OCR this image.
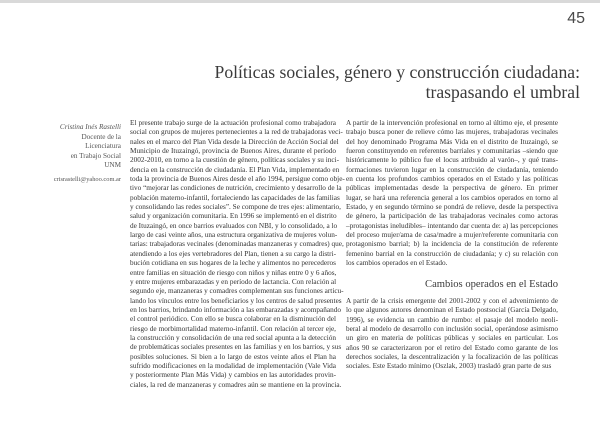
45
Políticas sociales, género y construcción ciudadana:
traspasando el umbral
Cristina Inés Rastelli
Docente de la
Licenciatura
en Trabajo Social
UNM
crisrastelli@yahoo.com.ar
El presente trabajo surge de la actuación profesional como trabajadora
social con grupos de mujeres pertenecientes a la red de trabajadoras veci-
nales en el marco del Plan Vida desde la Dirección de Acción Social del
Municipio de Ituzaingó, provincia de Buenos Aires, durante el período
2002-2010, en torno a la cuestión de género, políticas sociales y su inci-
dencia en la construcción de ciudadanía. El Plan Vida, implementado en
toda la provincia de Buenos Aires desde el año 1994, persigue como obje-
tivo “mejorar las condiciones de nutrición, crecimiento y desarrollo de la
población materno-infantil, fortaleciendo las capacidades de las familias
y consolidando las redes sociales”. Se compone de tres ejes: alimentario,
salud y organización comunitaria. En 1996 se implementó en el distrito
de Ituzaingó, en once barrios evaluados con NBI, y lo consolidado, a lo
largo de casi veinte años, una estructura organizativa de mujeres volun-
tarias: trabajadoras vecinales (denominadas manzaneras y comadres) que,
atendiendo a los ejes vertebradores del Plan, tienen a su cargo la distri-
bución cotidiana en sus hogares de la leche y alimentos no perecederos
entre familias en situación de riesgo con niños y niñas entre 0 y 6 años,
y entre mujeres embarazadas y en período de lactancia. Con relación al
segundo eje, manzaneras y comadres complementan sus funciones articu-
lando los vínculos entre los beneficiarios y los centros de salud presentes
en los barrios, brindando información a las embarazadas y acompañando
el control periódico. Con ello se busca colaborar en la disminución del
riesgo de morbimortalidad materno-infantil. Con relación al tercer eje,
la construcción y consolidación de una red social apunta a la detección
de problemáticas sociales presentes en las familias y en los barrios, y sus
posibles soluciones. Si bien a lo largo de estos veinte años el Plan ha
sufrido modificaciones en la modalidad de implementación (Vale Vida
y posteriormente Plan Más Vida) y cambios en las autoridades provin-
ciales, la red de manzaneras y comadres aún se mantiene en la provincia.
A partir de la intervención profesional en torno al último eje, el presente
trabajo busca poner de relieve cómo las mujeres, trabajadoras vecinales
del hoy denominado Programa Más Vida en el distrito de Ituzaingó, se
fueron constituyendo en referentes barriales y comunitarias –siendo que
históricamente lo público fue el locus atribuido al varón–, y qué trans-
formaciones tuvieron lugar en la construcción de ciudadanía, teniendo
en cuenta los profundos cambios operados en el Estado y las políticas
públicas implementadas desde la perspectiva de género. En primer
lugar, se hará una referencia general a los cambios operados en torno al
Estado, y en segundo término se pondrá de relieve, desde la perspectiva
de género, la participación de las trabajadoras vecinales como actoras
–protagonistas ineludibles– intentando dar cuenta de: a) las percepciones
del proceso mujer/ama de casa/madre a mujer/referente comunitaria con
protagonismo barrial; b) la incidencia de la constitución de referente
femenino barrial en la construcción de ciudadanía; y c) su relación con
los cambios operados en el Estado.
Cambios operados en el Estado
A partir de la crisis emergente del 2001-2002 y con el advenimiento de
lo que algunos autores denominan el Estado postsocial (García Delgado,
1996), se evidencia un cambio de rumbo: el pasaje del modelo neoli-
beral al modelo de desarrollo con inclusión social, operándose asimismo
un giro en materia de políticas públicas y sociales en particular. Los
años 90 se caracterizaron por el retiro del Estado como garante de los
derechos sociales, la descentralización y la focalización de las políticas
sociales. Este Estado mínimo (Oszlak, 2003) trasladó gran parte de sus
